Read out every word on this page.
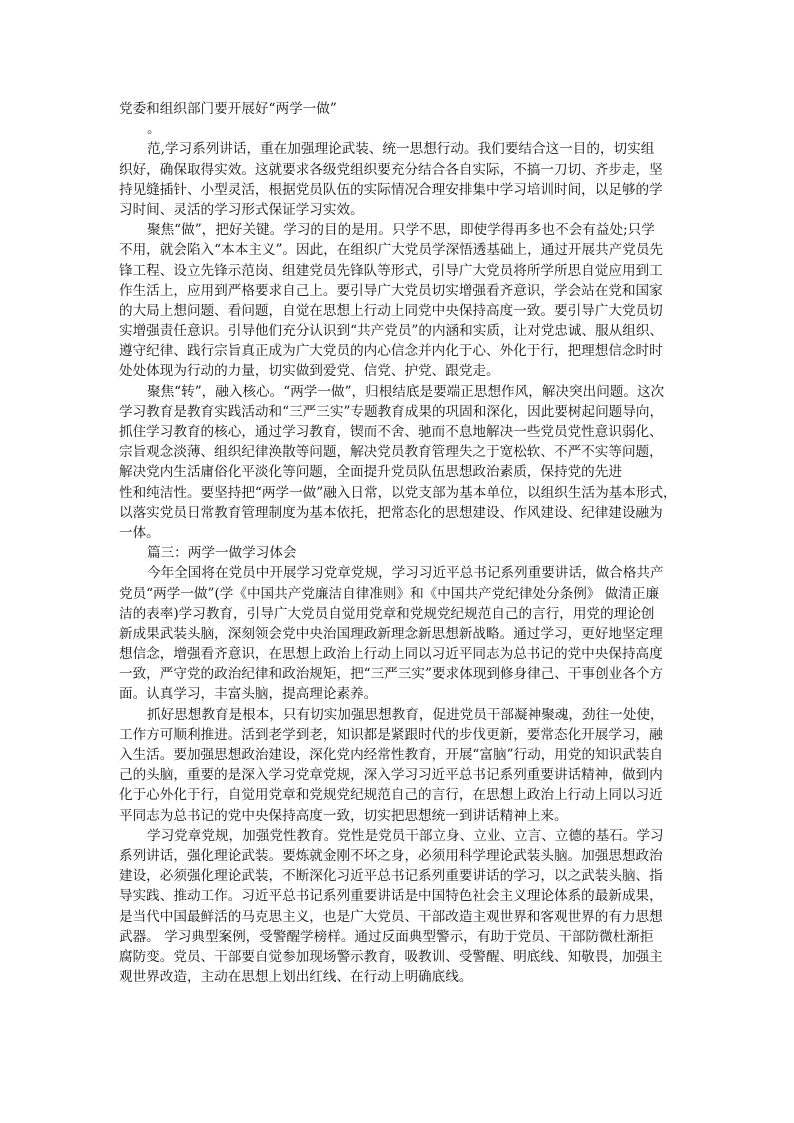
党委和组织部门要开展好“两学一做”
。
范,学习系列讲话，重在加强理论武装、统一思想行动。我们要结合这一目的，切实组
织好，确保取得实效。这就要求各级党组织要充分结合各自实际，不搞一刀切、齐步走，坚
持见缝插针、小型灵活，根据党员队伍的实际情况合理安排集中学习培训时间，以足够的学
习时间、灵活的学习形式保证学习实效。
聚焦“做”，把好关键。学习的目的是用。只学不思，即使学得再多也不会有益处;只学
不用，就会陷入“本本主义”。因此，在组织广大党员学深悟透基础上，通过开展共产党员先
锋工程、设立先锋示范岗、组建党员先锋队等形式，引导广大党员将所学所思自觉应用到工
作生活上，应用到严格要求自己上。要引导广大党员切实增强看齐意识，学会站在党和国家
的大局上想问题、看问题，自觉在思想上行动上同党中央保持高度一致。要引导广大党员切
实增强责任意识。引导他们充分认识到“共产党员”的内涵和实质，让对党忠诚、服从组织、
遵守纪律、践行宗旨真正成为广大党员的内心信念并内化于心、外化于行，把理想信念时时
处处体现为行动的力量，切实做到爱党、信党、护党、跟党走。
聚焦“转”，融入核心。“两学一做”，归根结底是要端正思想作风，解决突出问题。这次
学习教育是教育实践活动和“三严三实”专题教育成果的巩固和深化，因此要树起问题导向，
抓住学习教育的核心，通过学习教育，锲而不舍、驰而不息地解决一些党员党性意识弱化、
宗旨观念淡薄、组织纪律涣散等问题，解决党员教育管理失之于宽松软、不严不实等问题，
解决党内生活庸俗化平淡化等问题，全面提升党员队伍思想政治素质，保持党的先进
性和纯洁性。要坚持把“两学一做”融入日常，以党支部为基本单位，以组织生活为基本形式，
以落实党员日常教育管理制度为基本依托，把常态化的思想建设、作风建设、纪律建设融为
一体。
篇三：两学一做学习体会
今年全国将在党员中开展学习党章党规，学习习近平总书记系列重要讲话，做合格共产
党员“两学一做”(学《中国共产党廉洁自律准则》和《中国共产党纪律处分条例》 做清正廉
洁的表率)学习教育，引导广大党员自觉用党章和党规党纪规范自己的言行，用党的理论创
新成果武装头脑，深刻领会党中央治国理政新理念新思想新战略。通过学习，更好地坚定理
想信念，增强看齐意识，在思想上政治上行动上同以习近平同志为总书记的党中央保持高度
一致，严守党的政治纪律和政治规矩，把“三严三实”要求体现到修身律己、干事创业各个方
面。认真学习，丰富头脑，提高理论素养。
抓好思想教育是根本，只有切实加强思想教育，促进党员干部凝神聚魂，劲往一处使，
工作方可顺利推进。活到老学到老，知识都是紧跟时代的步伐更新，要常态化开展学习，融
入生活。要加强思想政治建设，深化党内经常性教育，开展“富脑”行动，用党的知识武装自
己的头脑，重要的是深入学习党章党规，深入学习习近平总书记系列重要讲话精神，做到内
化于心外化于行，自觉用党章和党规党纪规范自己的言行，在思想上政治上行动上同以习近
平同志为总书记的党中央保持高度一致，切实把思想统一到讲话精神上来。
学习党章党规，加强党性教育。党性是党员干部立身、立业、立言、立德的基石。学习
系列讲话，强化理论武装。要炼就金刚不坏之身，必须用科学理论武装头脑。加强思想政治
建设，必须强化理论武装，不断深化习近平总书记系列重要讲话的学习，以之武装头脑、指
导实践、推动工作。习近平总书记系列重要讲话是中国特色社会主义理论体系的最新成果，
是当代中国最鲜活的马克思主义，也是广大党员、干部改造主观世界和客观世界的有力思想
武器。 学习典型案例，受警醒学榜样。通过反面典型警示，有助于党员、干部防微杜渐拒
腐防变。党员、干部要自觉参加现场警示教育，吸教训、受警醒、明底线、知敬畏，加强主
观世界改造，主动在思想上划出红线、在行动上明确底线。
